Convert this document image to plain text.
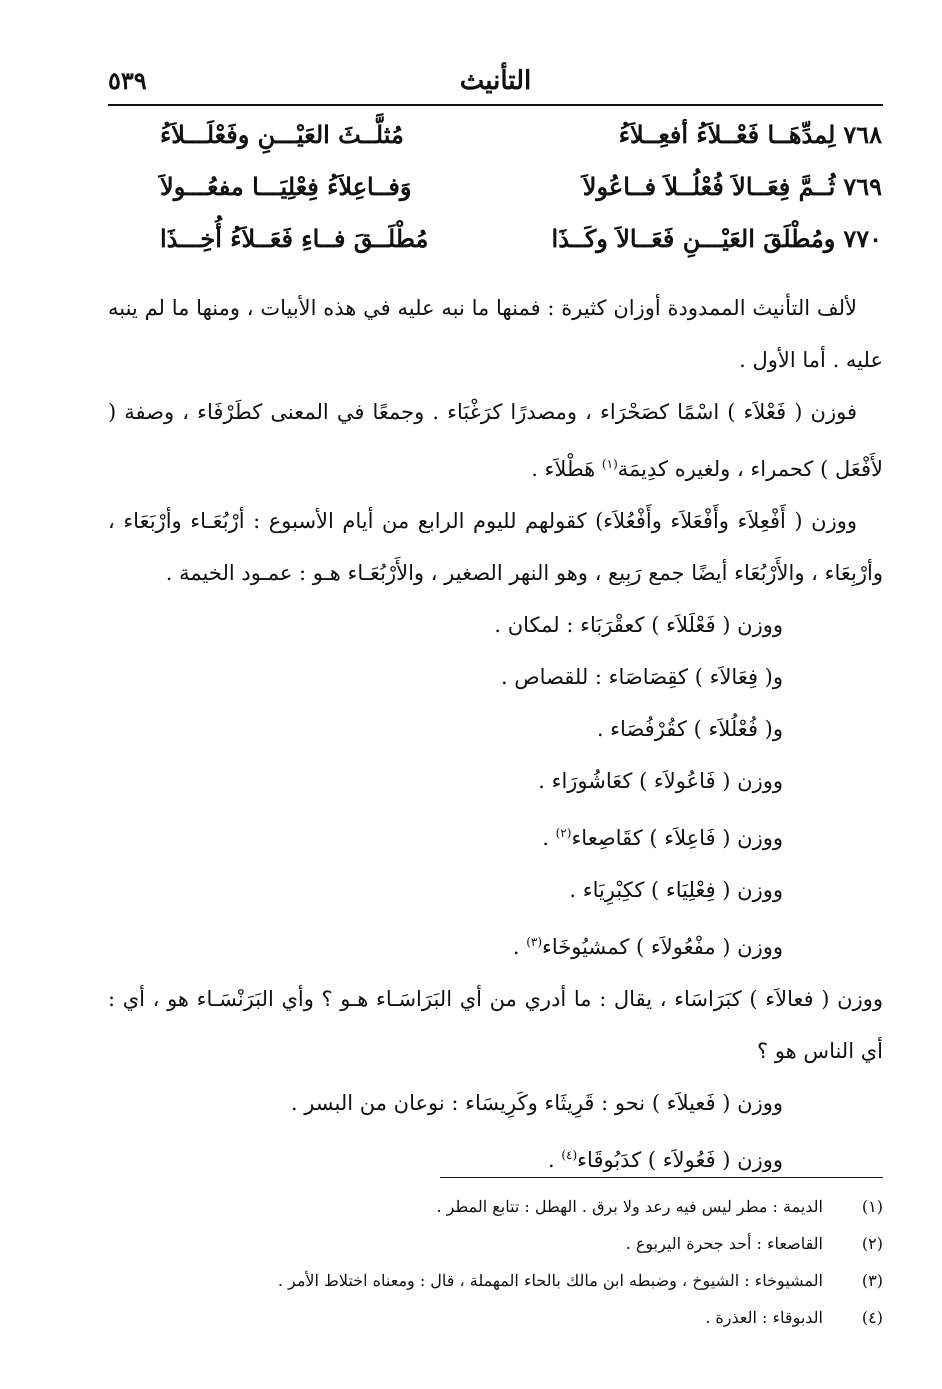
التأنيث
٥٣٩
٧٦٨لِمدِّهَــا فَعْــلاَءُ أفعِــلاَءُ
مُثلَّــثَ العَيْـــنِ وفَعْلَـــلاَءُ
٧٦٩ثُــمَّ فِعَــالاَ فُعْلُــلاَ فــاعُولاَ
وَفــاعِلاَءُ فِعْلِيَـــا مفعُـــولاَ
٧٧٠ومُطْلَقَ العَيْـــنِ فَعَــالاَ وكَــذَا
مُطْلَــقَ فــاءِ فَعَــلاَءُ أُخِـــذَا

لألف التأنيث الممدودة أوزان كثيرة : فمنها ما نبه عليه في هذه الأبيات ، ومنها ما لم ينبه عليه . أما الأول .

فوزن ( فَعْلاَء ) اسْمًا كصَحْرَاء ، ومصدرًا كرَغْبَاء . وجمعًا في المعنى كطَرْفَاء ، وصفة ( لأَفْعَل ) كحمراء ، ولغيره كدِيمَة$^{(١)}$ هَطْلاَء .

ووزن ( أَفْعِلاَء وأَفْعَلاَء وأَفْعُلاَء) كقولهم لليوم الرابع من أيام الأسبوع : أرْبُعَـاء وأرْبَعَاء ، وأرْبِعَاء ، والأَرْبُعَاء أيضًا جمع رَبِيع ، وهو النهر الصغير ، والأَرْبُعَـاء هـو : عمـود الخيمة .

ووزن ( فَعْلَلاَء ) كعقْرَبَاء : لمكان .

و( فِعَالاَء ) كقِصَاصَاء : للقصاص .

و( فُعْلُلاَء ) كقُرْفُصَاء .

ووزن ( فَاعُولاَء ) كعَاشُورَاء .

ووزن ( فَاعِلاَء ) كقَاصِعاء$^{(٢)}$ .

ووزن ( فِعْلِيَاء ) ككِبْرِيَاء .

ووزن ( مفْعُولاَء ) كمشيُوخَاء$^{(٣)}$ .

ووزن ( فعالاَء ) كبَرَاسَاء ، يقال : ما أدري من أي البَرَاسَـاء هـو ؟ وأي البَرَنْسَـاء هو ، أي : أي الناس هو ؟

ووزن ( فَعيلاَء ) نحو : قَرِيثَاء وكَرِيسَاء : نوعان من البسر .

ووزن ( فَعُولاَء ) كدَبُوقَاء$^{(٤)}$ .

(١)الديمة : مطر ليس فيه رعد ولا برق . الهطل : تتابع المطر .
(٢)القاصعاء : أحد جحرة اليربوع .
(٣)المشيوخاء : الشيوخ ، وضبطه ابن مالك بالحاء المهملة ، قال : ومعناه اختلاط الأمر .
(٤)الدبوقاء : العذرة .
